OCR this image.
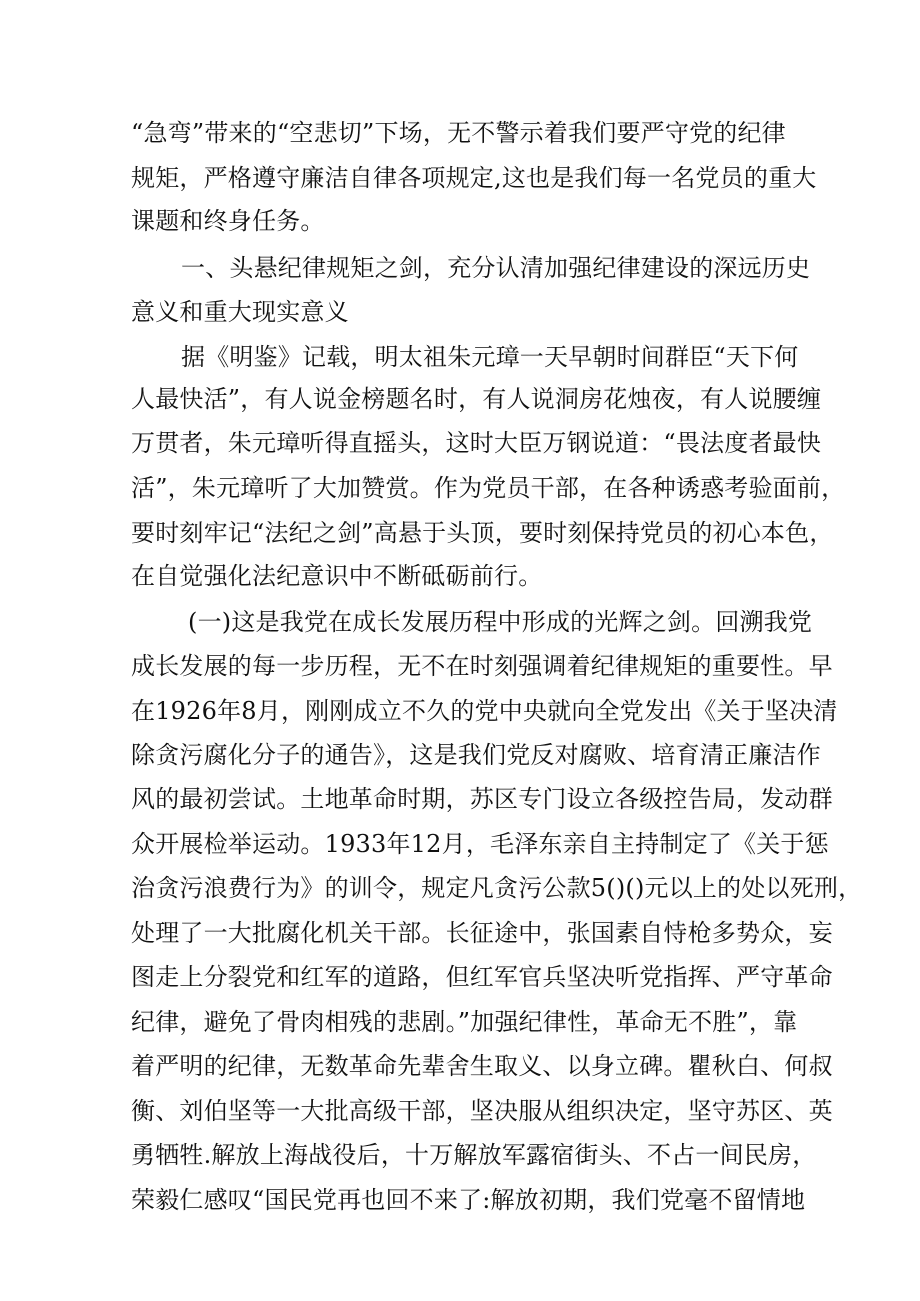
“急弯”带来的“空悲切”下场，无不警示着我们要严守党的纪律
规矩，严格遵守廉洁自律各项规定,这也是我们每一名党员的重大
课题和终身任务。
一、头悬纪律规矩之剑，充分认清加强纪律建设的深远历史
意义和重大现实意义
据《明鉴》记载，明太祖朱元璋一天早朝时间群臣“天下何
人最快活”，有人说金榜题名时，有人说洞房花烛夜，有人说腰缠
万贯者，朱元璋听得直摇头，这时大臣万钢说道：“畏法度者最快
活”，朱元璋听了大加赞赏。作为党员干部，在各种诱惑考验面前，
要时刻牢记“法纪之剑”高悬于头顶，要时刻保持党员的初心本色，
在自觉强化法纪意识中不断砥砺前行。
(一)这是我党在成长发展历程中形成的光辉之剑。回溯我党
成长发展的每一步历程，无不在时刻强调着纪律规矩的重要性。早
在1926年8月，刚刚成立不久的党中央就向全党发出《关于坚决清
除贪污腐化分子的通告》，这是我们党反对腐败、培育清正廉洁作
风的最初尝试。土地革命时期，苏区专门设立各级控告局，发动群
众开展检举运动。1933年12月，毛泽东亲自主持制定了《关于惩
治贪污浪费行为》的训令，规定凡贪污公款5()()元以上的处以死刑，
处理了一大批腐化机关干部。长征途中，张国素自恃枪多势众，妄
图走上分裂党和红军的道路，但红军官兵坚决听党指挥、严守革命
纪律，避免了骨肉相残的悲剧。”加强纪律性，革命无不胜”，靠
着严明的纪律，无数革命先辈舍生取义、以身立碑。瞿秋白、何叔
衡、刘伯坚等一大批高级干部，坚决服从组织决定，坚守苏区、英
勇牺牲.解放上海战役后，十万解放军露宿街头、不占一间民房，
荣毅仁感叹“国民党再也回不来了:解放初期，我们党毫不留情地
